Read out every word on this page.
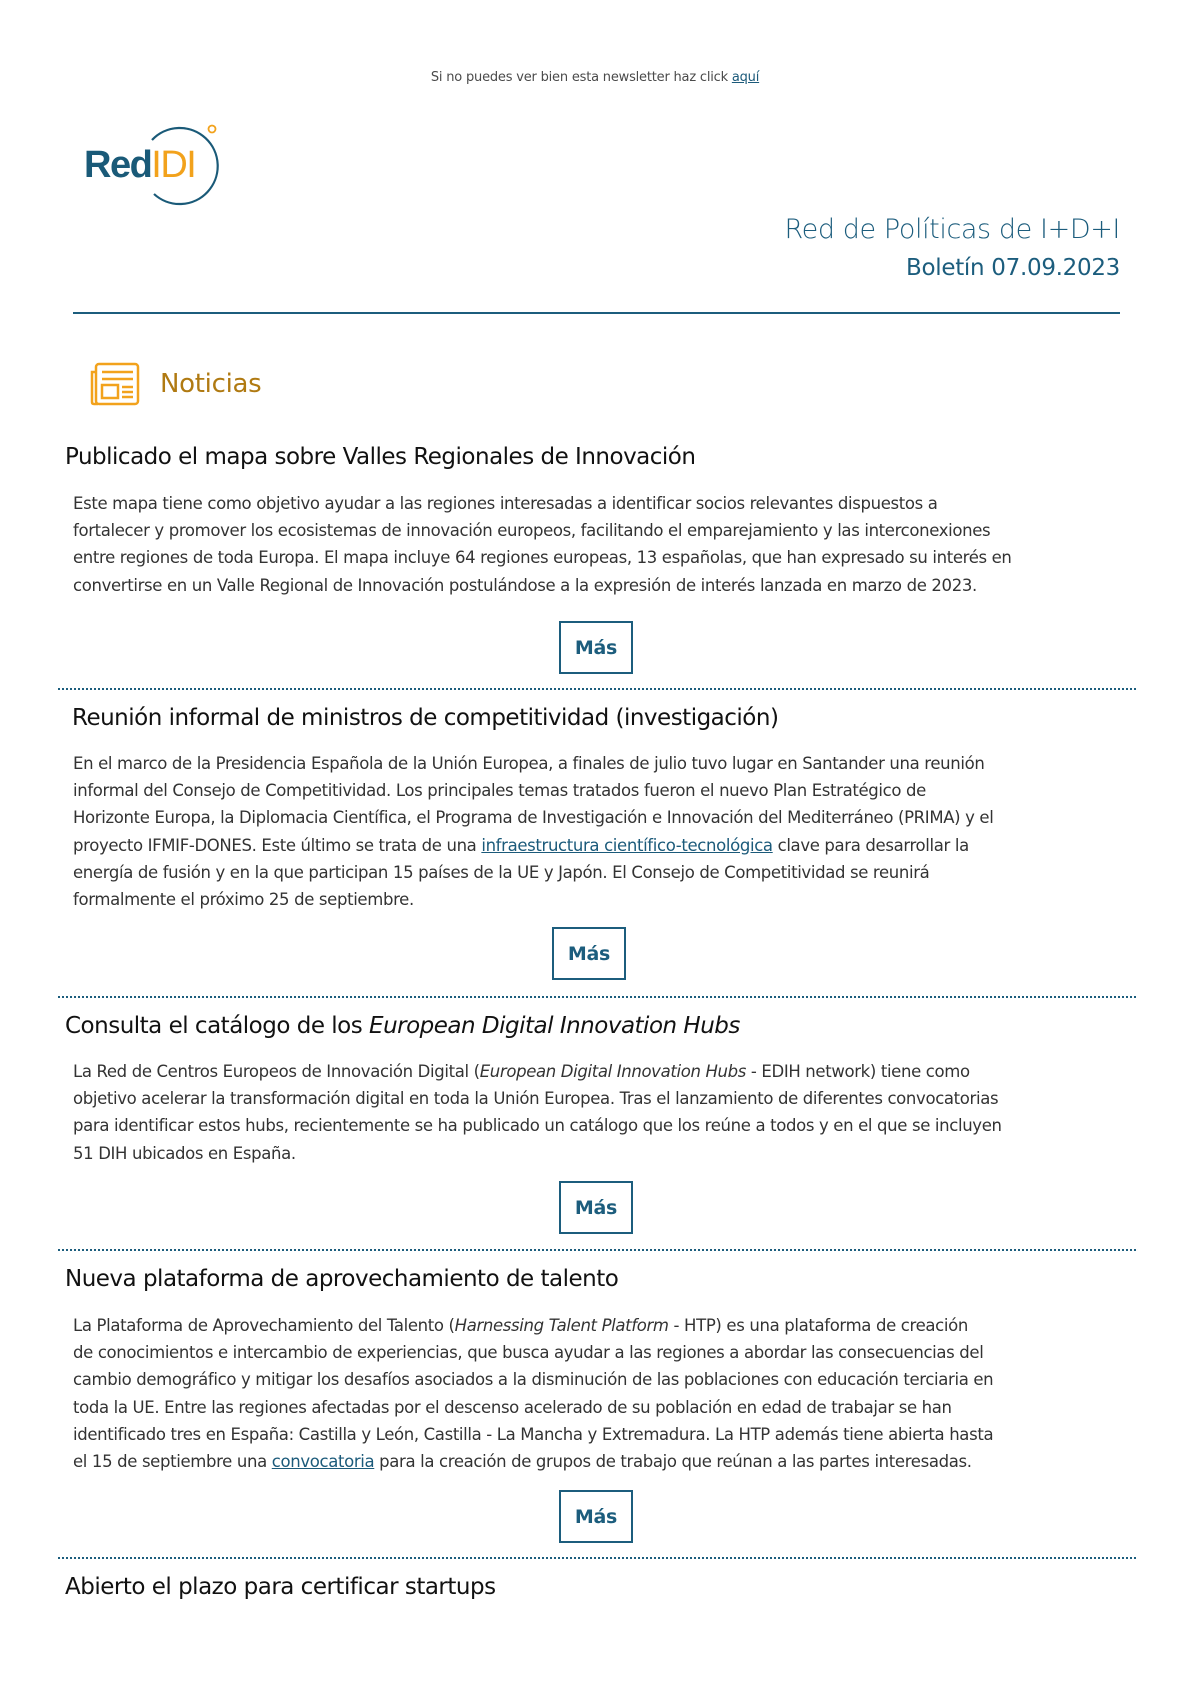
Si no puedes ver bien esta newsletter haz click aquí
RedIDI
Red de Políticas de I+D+I
Boletín 07.09.2023
Noticias
Publicado el mapa sobre Valles Regionales de Innovación
Este mapa tiene como objetivo ayudar a las regiones interesadas a identificar socios relevantes dispuestos a
fortalecer y promover los ecosistemas de innovación europeos, facilitando el emparejamiento y las interconexiones
entre regiones de toda Europa. El mapa incluye 64 regiones europeas, 13 españolas, que han expresado su interés en
convertirse en un Valle Regional de Innovación postulándose a la expresión de interés lanzada en marzo de 2023.
Más
Reunión informal de ministros de competitividad (investigación)
En el marco de la Presidencia Española de la Unión Europea, a finales de julio tuvo lugar en Santander una reunión
informal del Consejo de Competitividad. Los principales temas tratados fueron el nuevo Plan Estratégico de
Horizonte Europa, la Diplomacia Científica, el Programa de Investigación e Innovación del Mediterráneo (PRIMA) y el
proyecto IFMIF-DONES. Este último se trata de una infraestructura científico-tecnológica clave para desarrollar la
energía de fusión y en la que participan 15 países de la UE y Japón. El Consejo de Competitividad se reunirá
formalmente el próximo 25 de septiembre.
Más
Consulta el catálogo de los European Digital Innovation Hubs
La Red de Centros Europeos de Innovación Digital (European Digital Innovation Hubs - EDIH network) tiene como
objetivo acelerar la transformación digital en toda la Unión Europea. Tras el lanzamiento de diferentes convocatorias
para identificar estos hubs, recientemente se ha publicado un catálogo que los reúne a todos y en el que se incluyen
51 DIH ubicados en España.
Más
Nueva plataforma de aprovechamiento de talento
La Plataforma de Aprovechamiento del Talento (Harnessing Talent Platform - HTP) es una plataforma de creación
de conocimientos e intercambio de experiencias, que busca ayudar a las regiones a abordar las consecuencias del
cambio demográfico y mitigar los desafíos asociados a la disminución de las poblaciones con educación terciaria en
toda la UE. Entre las regiones afectadas por el descenso acelerado de su población en edad de trabajar se han
identificado tres en España: Castilla y León, Castilla - La Mancha y Extremadura. La HTP además tiene abierta hasta
el 15 de septiembre una convocatoria para la creación de grupos de trabajo que reúnan a las partes interesadas.
Más
Abierto el plazo para certificar startups
